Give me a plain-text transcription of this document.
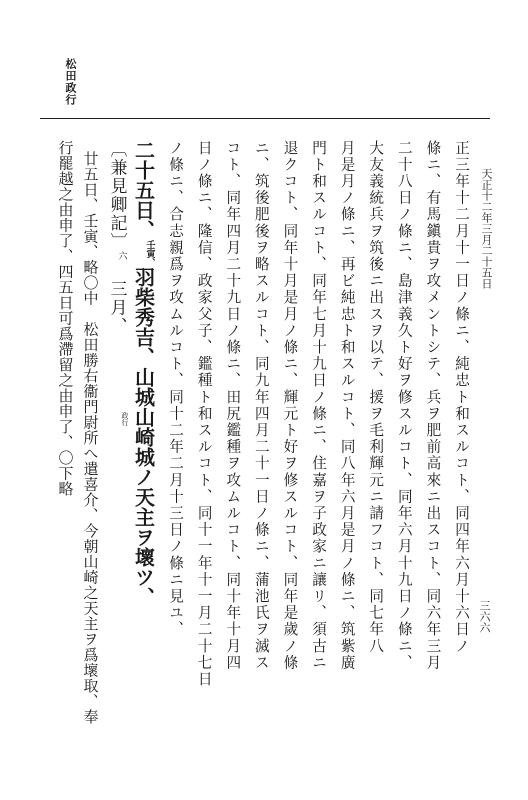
松田政行
天正十二年三月二十五日
三六六
正三年十二月十一日ノ條ニ、純忠ト和スルコト、同四年六月十六日ノ
條ニ、有馬鎭貴ヲ攻メントシテ、兵ヲ肥前高來ニ出スコト、同六年三月
二十八日ノ條ニ、島津義久ト好ヲ修スルコト、同年六月十九日ノ條ニ、
大友義統兵ヲ筑後ニ出スヲ以テ、援ヲ毛利輝元ニ請フコト、同七年八
月是月ノ條ニ、再ビ純忠ト和スルコト、同八年六月是月ノ條ニ、筑紫廣
門ト和スルコト、同年七月十九日ノ條ニ、住嘉ヲ子政家ニ讓リ、須古ニ
退クコト、同年十月是月ノ條ニ、輝元ト好ヲ修スルコト、同年是歲ノ條
ニ、筑後肥後ヲ略スルコト、同九年四月二十一日ノ條ニ、蒲池氏ヲ滅ス
コト、同年四月二十九日ノ條ニ、田尻鑑種ヲ攻ムルコト、同十年十月四
日ノ條ニ、隆信、政家父子、鑑種ト和スルコト、同十一年十一月二十七日
ノ條ニ、合志親爲ヲ攻ムルコト、同十二年二月十三日ノ條ニ見ユ、
二十五日、壬寅、羽柴秀吉、山城山崎城ノ天主ヲ壞ツ、
〔兼見卿記〕六　三月、
廿五日、壬寅、略〇中　松田勝右衞門尉所へ遣喜介、今朝山崎之天主ヲ爲壞取、奉
行罷越之由申了、四五日可爲滯留之由申了、〇下略	政行
